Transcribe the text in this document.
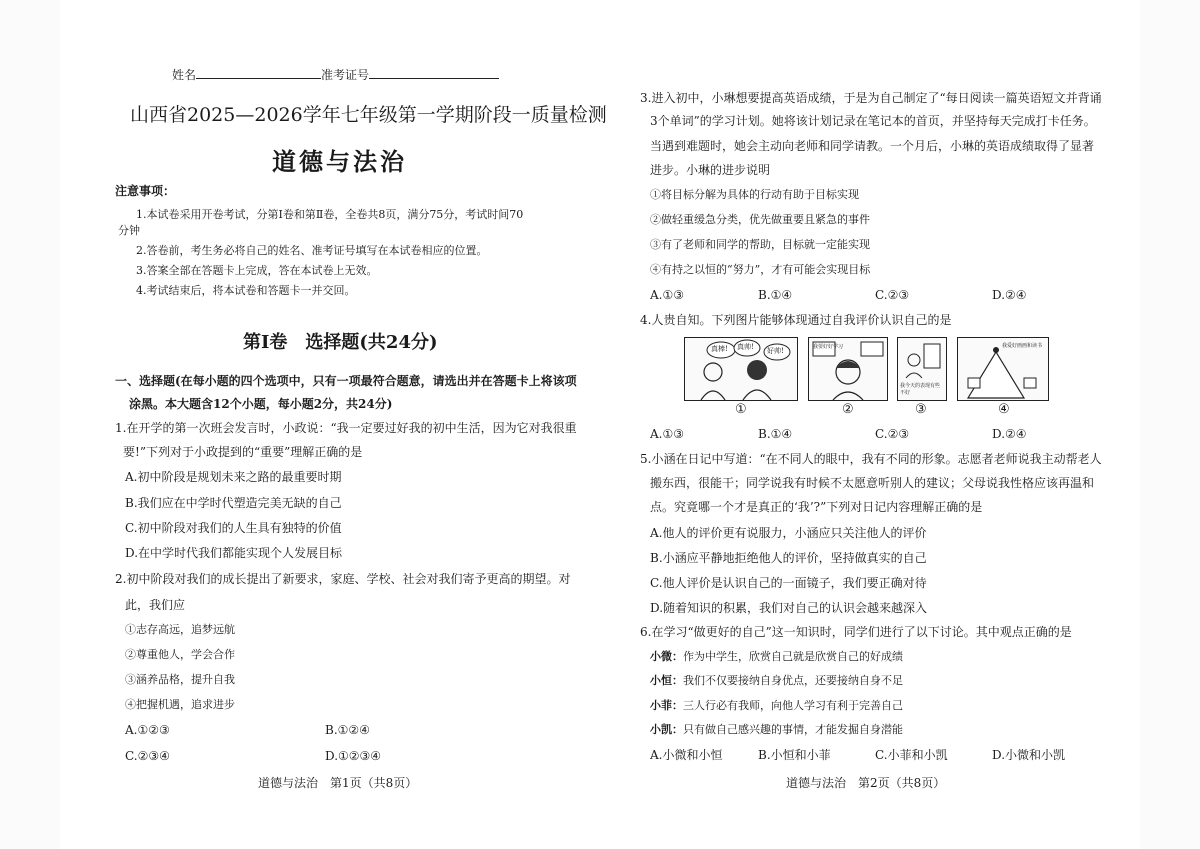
姓名	准考证号
山西省2025—2026学年七年级第一学期阶段一质量检测
道德与法治
注意事项：
1.本试卷采用开卷考试，分第Ⅰ卷和第Ⅱ卷，全卷共8页，满分75分，考试时间70
分钟
2.答卷前，考生务必将自己的姓名、准考证号填写在本试卷相应的位置。
3.答案全部在答题卡上完成，答在本试卷上无效。
4.考试结束后，将本试卷和答题卡一并交回。
第Ⅰ卷　选择题(共24分)
一、选择题(在每小题的四个选项中，只有一项最符合题意，请选出并在答题卡上将该项
涂黑。本大题含12个小题，每小题2分，共24分)
1.在开学的第一次班会发言时，小政说：“我一定要过好我的初中生活，因为它对我很重
要!”下列对于小政提到的“重要”理解正确的是
A.初中阶段是规划未来之路的最重要时期
B.我们应在中学时代塑造完美无缺的自己
C.初中阶段对我们的人生具有独特的价值
D.在中学时代我们都能实现个人发展目标
2.初中阶段对我们的成长提出了新要求，家庭、学校、社会对我们寄予更高的期望。对
此，我们应
①志存高远，追梦远航
②尊重他人，学会合作
③涵养品格，提升自我
④把握机遇，追求进步
A.①②③	B.①②④
C.②③④	D.①②③④
道德与法治　第1页（共8页）
3.进入初中，小琳想要提高英语成绩，于是为自己制定了“每日阅读一篇英语短文并背诵
3个单词”的学习计划。她将该计划记录在笔记本的首页，并坚持每天完成打卡任务。
当遇到难题时，她会主动向老师和同学请教。一个月后，小琳的英语成绩取得了显著
进步。小琳的进步说明
①将目标分解为具体的行动有助于目标实现
②做轻重缓急分类，优先做重要且紧急的事件
③有了老师和同学的帮助，目标就一定能实现
④有持之以恒的“努力”，才有可能会实现目标
A.①③	B.①④	C.②③	D.②④
4.人贵自知。下列图片能够体现通过自我评价认识自己的是
真棒! 真帅! 好帅!
①
我要好好学习
②
我今天的表现有些不好
③
我爱好画画和读书
④
A.①③	B.①④	C.②③	D.②④
5.小涵在日记中写道：“在不同人的眼中，我有不同的形象。志愿者老师说我主动帮老人
搬东西，很能干；同学说我有时候不太愿意听别人的建议；父母说我性格应该再温和
点。究竟哪一个才是真正的‘我’?”下列对日记内容理解正确的是
A.他人的评价更有说服力，小涵应只关注他人的评价
B.小涵应平静地拒绝他人的评价，坚持做真实的自己
C.他人评价是认识自己的一面镜子，我们要正确对待
D.随着知识的积累，我们对自己的认识会越来越深入
6.在学习“做更好的自己”这一知识时，同学们进行了以下讨论。其中观点正确的是
小微：作为中学生，欣赏自己就是欣赏自己的好成绩
小恒：我们不仅要接纳自身优点，还要接纳自身不足
小菲：三人行必有我师，向他人学习有利于完善自己
小凯：只有做自己感兴趣的事情，才能发掘自身潜能
A.小微和小恒	B.小恒和小菲	C.小菲和小凯	D.小微和小凯
道德与法治　第2页（共8页）
